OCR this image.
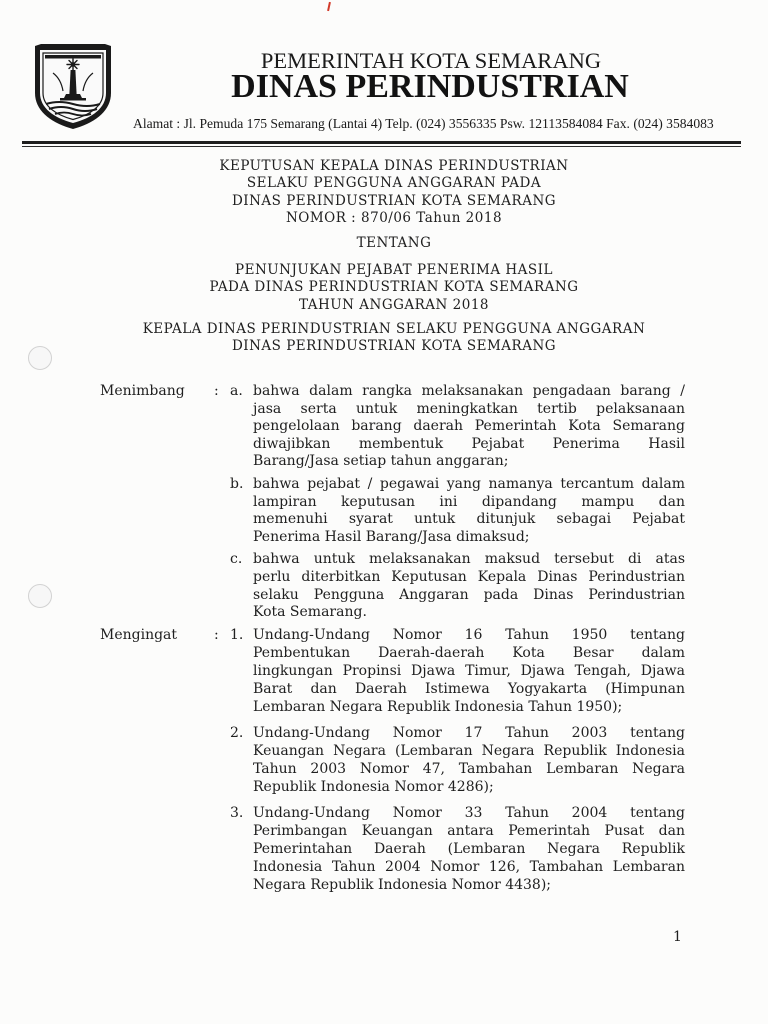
PEMERINTAH KOTA SEMARANG
DINAS PERINDUSTRIAN
Alamat : Jl. Pemuda 175 Semarang (Lantai 4) Telp. (024) 3556335 Psw. 12113584084 Fax. (024) 3584083
KEPUTUSAN KEPALA DINAS PERINDUSTRIAN
SELAKU PENGGUNA ANGGARAN PADA
DINAS PERINDUSTRIAN KOTA SEMARANG
NOMOR : 870/06 Tahun 2018
TENTANG
PENUNJUKAN PEJABAT PENERIMA HASIL
PADA DINAS PERINDUSTRIAN KOTA SEMARANG
TAHUN ANGGARAN 2018
KEPALA DINAS PERINDUSTRIAN SELAKU PENGGUNA ANGGARAN
DINAS PERINDUSTRIAN KOTA SEMARANG
Menimbang	: a. bahwa dalam rangka melaksanakan pengadaan barang /
jasa serta untuk meningkatkan tertib pelaksanaan
pengelolaan barang daerah Pemerintah Kota Semarang
diwajibkan membentuk Pejabat Penerima Hasil
Barang/Jasa setiap tahun anggaran;
b. bahwa pejabat / pegawai yang namanya tercantum dalam
lampiran keputusan ini dipandang mampu dan
memenuhi syarat untuk ditunjuk sebagai Pejabat
Penerima Hasil Barang/Jasa dimaksud;
c. bahwa untuk melaksanakan maksud tersebut di atas
perlu diterbitkan Keputusan Kepala Dinas Perindustrian
selaku Pengguna Anggaran pada Dinas Perindustrian
Kota Semarang.
Mengingat	: 1. Undang-Undang Nomor 16 Tahun 1950 tentang
Pembentukan Daerah-daerah Kota Besar dalam
lingkungan Propinsi Djawa Timur, Djawa Tengah, Djawa
Barat dan Daerah Istimewa Yogyakarta (Himpunan
Lembaran Negara Republik Indonesia Tahun 1950);
2. Undang-Undang Nomor 17 Tahun 2003 tentang
Keuangan Negara (Lembaran Negara Republik Indonesia
Tahun 2003 Nomor 47, Tambahan Lembaran Negara
Republik Indonesia Nomor 4286);
3. Undang-Undang Nomor 33 Tahun 2004 tentang
Perimbangan Keuangan antara Pemerintah Pusat dan
Pemerintahan Daerah (Lembaran Negara Republik
Indonesia Tahun 2004 Nomor 126, Tambahan Lembaran
Negara Republik Indonesia Nomor 4438);
1
